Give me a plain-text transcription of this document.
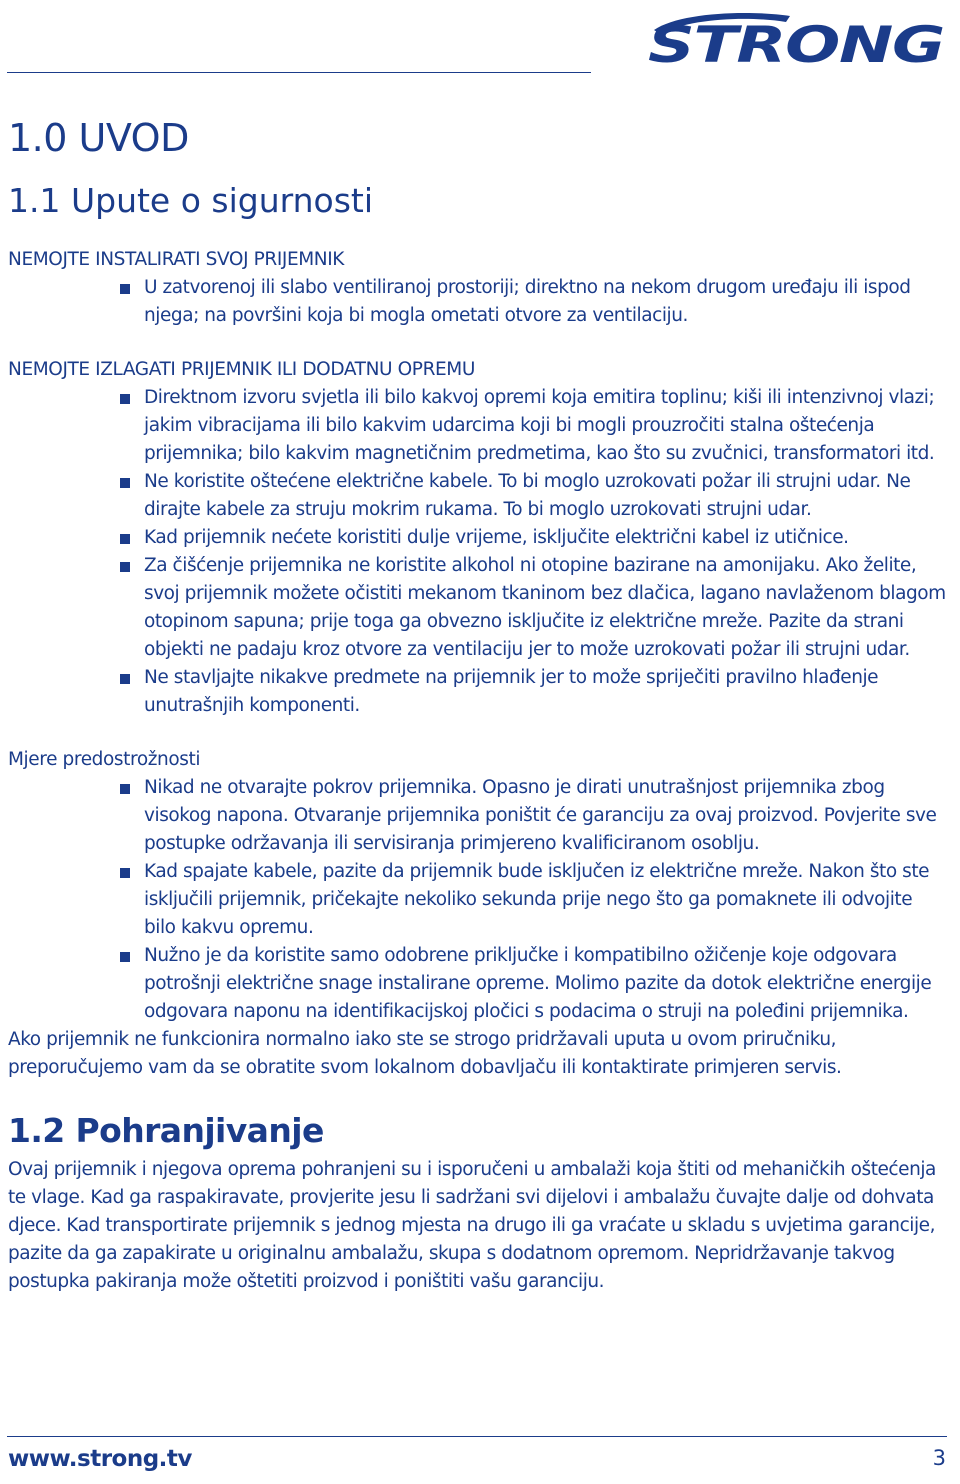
STRONG
1.0 UVOD
1.1 Upute o sigurnosti
NEMOJTE INSTALIRATI SVOJ PRIJEMNIK
U zatvorenoj ili slabo ventiliranoj prostoriji; direktno na nekom drugom uređaju ili ispod njega; na površini koja bi mogla ometati otvore za ventilaciju.
NEMOJTE IZLAGATI PRIJEMNIK ILI DODATNU OPREMU
Direktnom izvoru svjetla ili bilo kakvoj opremi koja emitira toplinu; kiši ili intenzivnoj vlazi; jakim vibracijama ili bilo kakvim udarcima koji bi mogli prouzročiti stalna oštećenja prijemnika; bilo kakvim magnetičnim predmetima, kao što su zvučnici, transformatori itd.
Ne koristite oštećene električne kabele. To bi moglo uzrokovati požar ili strujni udar. Ne dirajte kabele za struju mokrim rukama. To bi moglo uzrokovati strujni udar.
Kad prijemnik nećete koristiti dulje vrijeme, isključite električni kabel iz utičnice.
Za čišćenje prijemnika ne koristite alkohol ni otopine bazirane na amonijaku. Ako želite, svoj prijemnik možete očistiti mekanom tkaninom bez dlačica, lagano navlaženom blagom otopinom sapuna; prije toga ga obvezno isključite iz električne mreže. Pazite da strani objekti ne padaju kroz otvore za ventilaciju jer to može uzrokovati požar ili strujni udar.
Ne stavljajte nikakve predmete na prijemnik jer to može spriječiti pravilno hlađenje unutrašnjih komponenti.
Mjere predostrožnosti
Nikad ne otvarajte pokrov prijemnika. Opasno je dirati unutrašnjost prijemnika zbog visokog napona. Otvaranje prijemnika poništit će garanciju za ovaj proizvod. Povjerite sve postupke održavanja ili servisiranja primjereno kvalificiranom osoblju.
Kad spajate kabele, pazite da prijemnik bude isključen iz električne mreže. Nakon što ste isključili prijemnik, pričekajte nekoliko sekunda prije nego što ga pomaknete ili odvojite bilo kakvu opremu.
Nužno je da koristite samo odobrene priključke i kompatibilno ožičenje koje odgovara potrošnji električne snage instalirane opreme. Molimo pazite da dotok električne energije odgovara naponu na identifikacijskoj pločici s podacima o struji na poleđini prijemnika.

Ako prijemnik ne funkcionira normalno iako ste se strogo pridržavali uputa u ovom priručniku, preporučujemo vam da se obratite svom lokalnom dobavljaču ili kontaktirate primjeren servis.

1.2 Pohranjivanje

Ovaj prijemnik i njegova oprema pohranjeni su i isporučeni u ambalaži koja štiti od mehaničkih oštećenja te vlage. Kad ga raspakiravate, provjerite jesu li sadržani svi dijelovi i ambalažu čuvajte dalje od dohvata djece. Kad transportirate prijemnik s jednog mjesta na drugo ili ga vraćate u skladu s uvjetima garancije, pazite da ga zapakirate u originalnu ambalažu, skupa s dodatnom opremom. Nepridržavanje takvog postupka pakiranja može oštetiti proizvod i poništiti vašu garanciju.

www.strong.tv	3
